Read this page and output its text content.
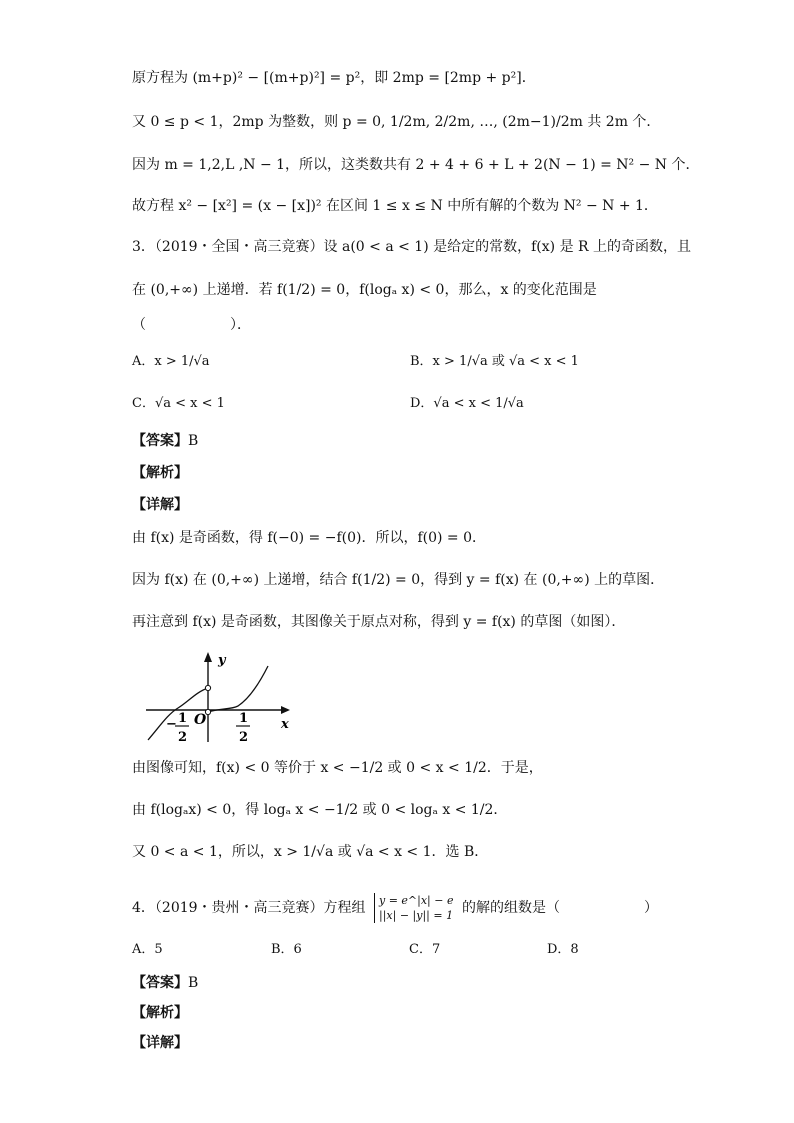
原方程为 (m+p)² − [(m+p)²] = p²，即 2mp = [2mp + p²]．
又 0 ≤ p < 1，2mp 为整数，则 p = 0, 1/2m, 2/2m, …, (2m−1)/2m 共 2m 个．
因为 m = 1,2,L ,N − 1，所以，这类数共有 2 + 4 + 6 + L + 2(N − 1) = N² − N 个．
故方程 x² − [x²] = (x − [x])² 在区间 1 ≤ x ≤ N 中所有解的个数为 N² − N + 1．
3．（2019・全国・高三竞赛）设 a(0 < a < 1) 是给定的常数，f(x) 是 R 上的奇函数，且
在 (0,+∞) 上递增．若 f(1/2) = 0，f(logₐ x) < 0，那么，x 的变化范围是
（　　　　　　）．
A．x > 1/√a	B．x > 1/√a 或 √a < x < 1
C．√a < x < 1	D．√a < x < 1/√a
【答案】B
【解析】
【详解】
由 f(x) 是奇函数，得 f(−0) = −f(0)．所以，f(0) = 0．
因为 f(x) 在 (0,+∞) 上递增，结合 f(1/2) = 0，得到 y = f(x) 在 (0,+∞) 上的草图．
再注意到 f(x) 是奇函数，其图像关于原点对称，得到 y = f(x) 的草图（如图）．
y
x
O
− 1
2
1
2
由图像可知，f(x) < 0 等价于 x < −1/2 或 0 < x < 1/2．于是，
由 f(logₐx) < 0，得 logₐ x < −1/2 或 0 < logₐ x < 1/2．
又 0 < a < 1，所以，x > 1/√a 或 √a < x < 1．选 B．
4．（2019・贵州・高三竞赛）方程组 y = e^|x| − e
||x| − |y|| = 1 的解的组数是（　　　　　　）
A．5	B．6	C．7	D．8
【答案】B
【解析】
【详解】
